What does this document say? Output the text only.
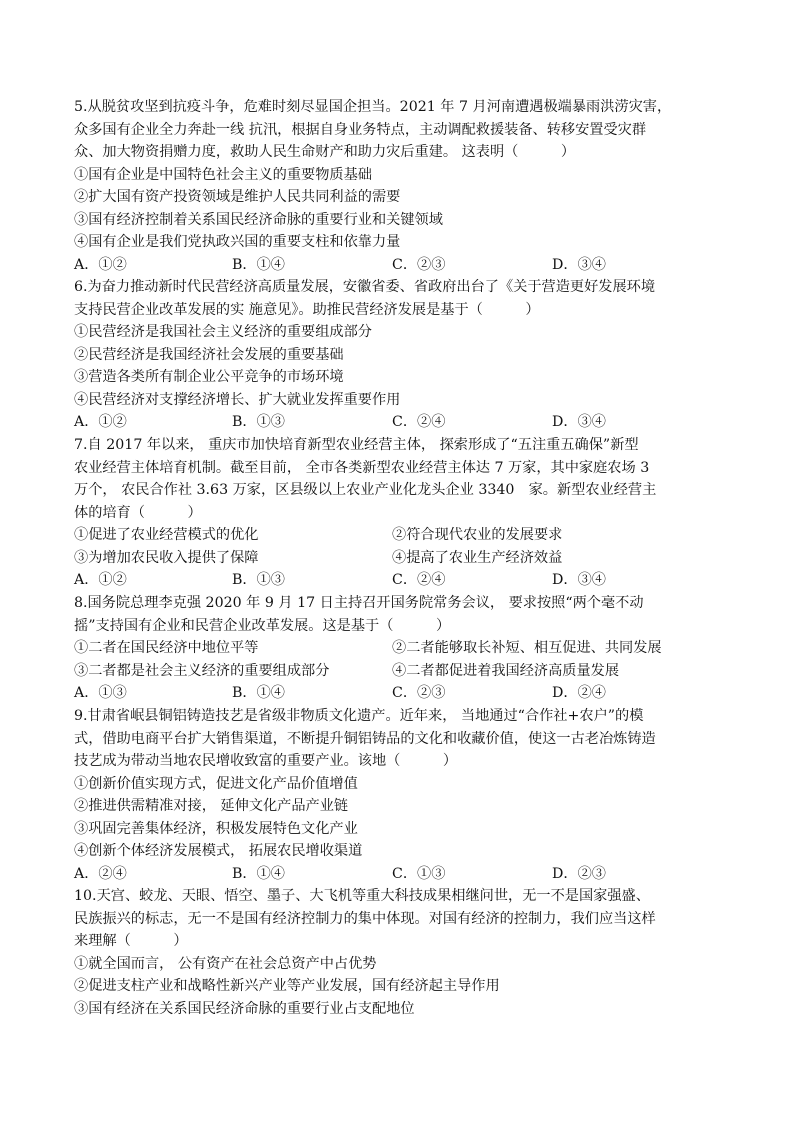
5.从脱贫攻坚到抗疫斗争，危难时刻尽显国企担当。2021 年 7 月河南遭遇极端暴雨洪涝灾害，
众多国有企业全力奔赴一线 抗汛，根据自身业务特点，主动调配救援装备、转移安置受灾群
众、加大物资捐赠力度，救助人民生命财产和助力灾后重建。 这表明（　　　）
①国有企业是中国特色社会主义的重要物质基础
②扩大国有资产投资领域是维护人民共同利益的需要
③国有经济控制着关系国民经济命脉的重要行业和关键领域
④国有企业是我们党执政兴国的重要支柱和依靠力量
A．①②	B．①④	C．②③	D．③④
6.为奋力推动新时代民营经济高质量发展，安徽省委、省政府出台了《关于营造更好发展环境
支持民营企业改革发展的实 施意见》。助推民营经济发展是基于（　　　）
①民营经济是我国社会主义经济的重要组成部分
②民营经济是我国经济社会发展的重要基础
③营造各类所有制企业公平竞争的市场环境
④民营经济对支撑经济增长、扩大就业发挥重要作用
A．①②	B．①③	C．②④	D．③④
7.自 2017 年以来， 重庆市加快培育新型农业经营主体， 探索形成了“五注重五确保”新型
农业经营主体培育机制。截至目前， 全市各类新型农业经营主体达 7 万家，其中家庭农场 3
万个， 农民合作社 3.63 万家，区县级以上农业产业化龙头企业 3340　家。新型农业经营主
体的培育（　　　）
①促进了农业经营模式的优化	②符合现代农业的发展要求
③为增加农民收入提供了保障	④提高了农业生产经济效益
A．①②	B．①③	C．②④	D．③④
8.国务院总理李克强 2020 年 9 月 17 日主持召开国务院常务会议， 要求按照“两个毫不动
摇”支持国有企业和民营企业改革发展。这是基于（　　　）
①二者在国民经济中地位平等	②二者能够取长补短、相互促进、共同发展
③二者都是社会主义经济的重要组成部分	④二者都促进着我国经济高质量发展
A．①③	B．①④	C．②③	D．②④
9.甘肃省岷县铜铝铸造技艺是省级非物质文化遗产。近年来， 当地通过“合作社+农户”的模
式，借助电商平台扩大销售渠道，不断提升铜铝铸品的文化和收藏价值，使这一古老冶炼铸造
技艺成为带动当地农民增收致富的重要产业。该地（　　　）
①创新价值实现方式，促进文化产品价值增值
②推进供需精准对接， 延伸文化产品产业链
③巩固完善集体经济，积极发展特色文化产业
④创新个体经济发展模式， 拓展农民增收渠道
A．②④	B．①④	C．①③	D．②③
10.天宫、蛟龙、天眼、悟空、墨子、大飞机等重大科技成果相继问世，无一不是国家强盛、
民族振兴的标志，无一不是国有经济控制力的集中体现。对国有经济的控制力，我们应当这样
来理解（　　　）
①就全国而言， 公有资产在社会总资产中占优势
②促进支柱产业和战略性新兴产业等产业发展，国有经济起主导作用
③国有经济在关系国民经济命脉的重要行业占支配地位
